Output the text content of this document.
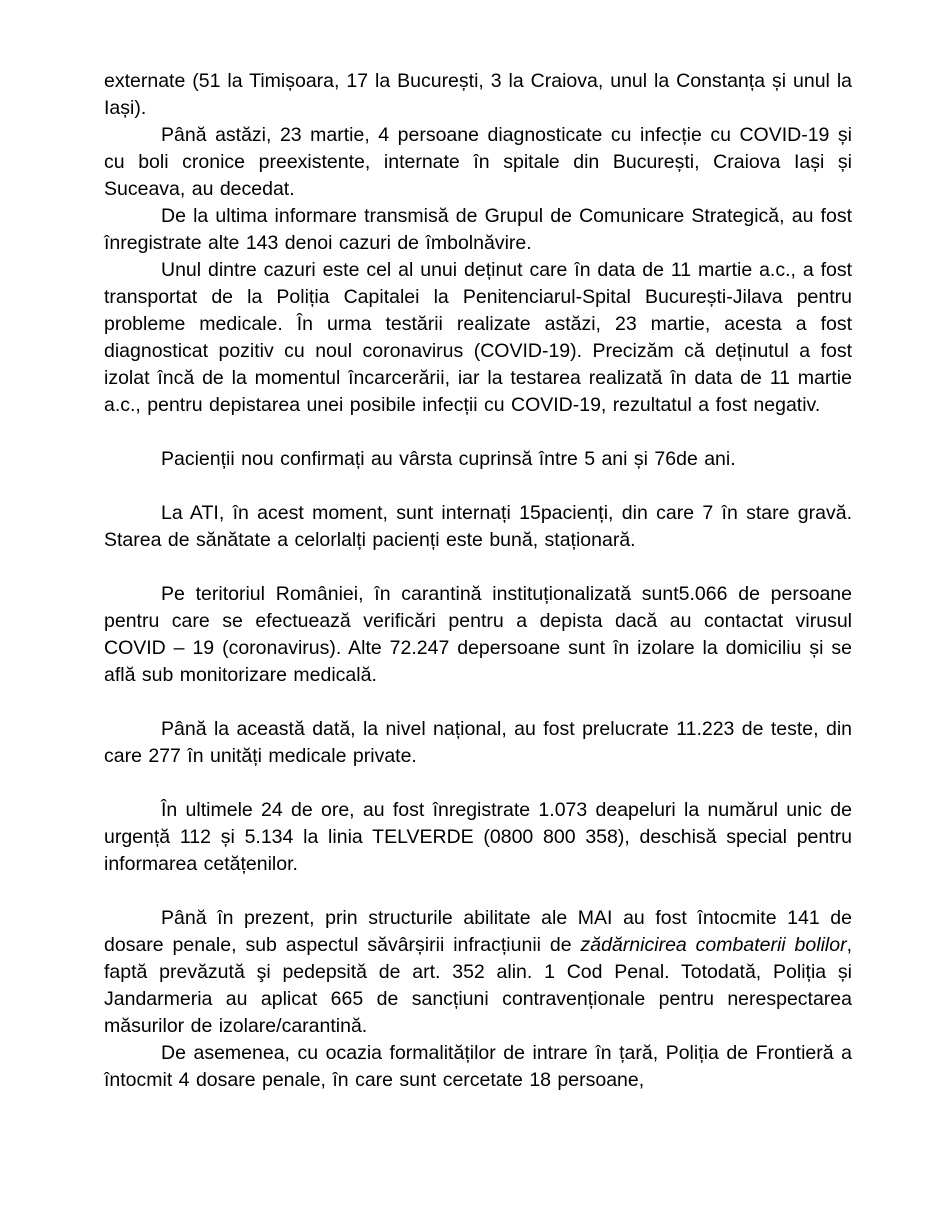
externate (51 la Timișoara, 17 la București, 3 la Craiova, unul la Constanța și unul la Iași).

Până astăzi, 23 martie, 4 persoane diagnosticate cu infecție cu COVID-19 și cu boli cronice preexistente, internate în spitale din București, Craiova Iași și Suceava, au decedat.

De la ultima informare transmisă de Grupul de Comunicare Strategică, au fost înregistrate alte 143 denoi cazuri de îmbolnăvire.

Unul dintre cazuri este cel al unui deținut care în data de 11 martie a.c., a fost transportat de la Poliția Capitalei la Penitenciarul-Spital București-Jilava pentru probleme medicale. În urma testării realizate astăzi, 23 martie, acesta a fost diagnosticat pozitiv cu noul coronavirus (COVID-19). Precizăm că deținutul a fost izolat încă de la momentul încarcerării, iar la testarea realizată în data de 11 martie a.c., pentru depistarea unei posibile infecții cu COVID-19, rezultatul a fost negativ.

Pacienții nou confirmați au vârsta cuprinsă între 5 ani și 76de ani.

La ATI, în acest moment, sunt internați 15pacienți, din care 7 în stare gravă. Starea de sănătate a celorlalți pacienți este bună, staționară.

Pe teritoriul României, în carantină instituționalizată sunt5.066 de persoane pentru care se efectuează verificări pentru a depista dacă au contactat virusul COVID – 19 (coronavirus). Alte 72.247 depersoane sunt în izolare la domiciliu și se află sub monitorizare medicală.

Până la această dată, la nivel național, au fost prelucrate 11.223 de teste, din care 277 în unități medicale private.

În ultimele 24 de ore, au fost înregistrate 1.073 deapeluri la numărul unic de urgență 112 și 5.134 la linia TELVERDE (0800 800 358), deschisă special pentru informarea cetățenilor.

Până în prezent, prin structurile abilitate ale MAI au fost întocmite 141 de dosare penale, sub aspectul săvârșirii infracțiunii de zădărnicirea combaterii bolilor, faptă prevăzută şi pedepsită de art. 352 alin. 1 Cod Penal. Totodată, Poliția și Jandarmeria au aplicat 665 de sancțiuni contravenționale pentru nerespectarea măsurilor de izolare/carantină.

De asemenea, cu ocazia formalităților de intrare în țară, Poliția de Frontieră a întocmit 4 dosare penale, în care sunt cercetate 18 persoane,
